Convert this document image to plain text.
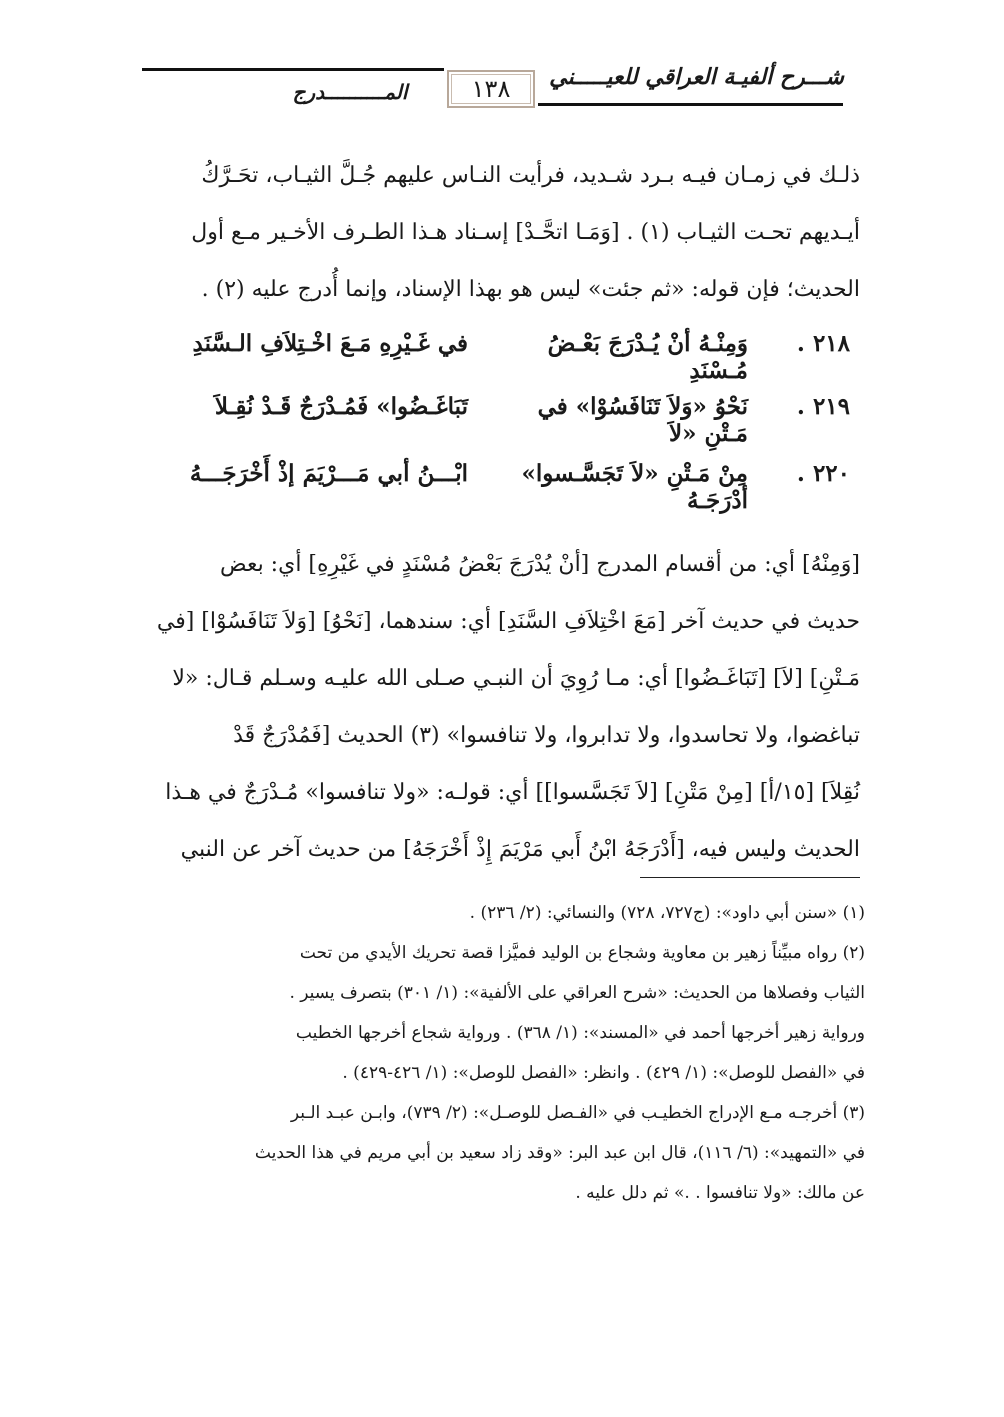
شـــرح ألفيـة العراقي للعيـــــني
١٣٨
المــــــــــدرج
ذلـك في زمـان فيـه بـرد شـديد، فرأيت النـاس عليهم جُـلَّ الثيـاب، تحَـرَّكُ
أيـديهم تحـت الثيـاب (١) . [وَمَـا اتحَّـدْ] إسـناد هـذا الطـرف الأخـير مـع أول
الحديث؛ فإن قوله: «ثم جئت» ليس هو بهذا الإسناد، وإنما أُدرج عليه (٢) .
٢١٨ .
وَمِنْـهُ أنْ يُـدْرَجَ بَعْـضُ مُـسْنَدِ
في غَـيْرِهِ مَـعَ اخْـتِلاَفِ الـسَّنَدِ
٢١٩ .
نَحْوُ «وَلاَ تَنَافَسُوْا» في مَـتْنِ «لاَ
تَبَاغَـضُوا» فَمُـدْرَجٌ قَـدْ نُقِـلاَ
٢٢٠ .
مِنْ مَـتْنِ «لاَ تَجَسَّـسوا» أدْرَجَـهُ
ابْـــنُ أبي مَـــرْيَمَ إذْ أَخْرَجَـــهُ
[وَمِنْهُ] أي: من أقسام المدرج [أنْ يُدْرَجَ بَعْضُ مُسْنَدٍ في غَيْرِهِ] أي: بعض
حديث في حديث آخر [مَعَ اخْتِلاَفِ السَّنَدِ] أي: سندهما، [نَحْوُ] [وَلاَ تَنَافَسُوْا] [في
مَـتْنِ] [لاَ] [تَبَاغَـضُوا] أي: مـا رُوِيَ أن النبـي صـلى الله عليـه وسـلم قـال: «لا
تباغضوا، ولا تحاسدوا، ولا تدابروا، ولا تنافسوا» (٣) الحديث [فَمُدْرَجٌ قَدْ
نُقِلاَ] [١٥/أ] [مِنْ مَتْنِ] [لاَ تَجَسَّسوا]] أي: قولـه: «ولا تنافسوا» مُـدْرَجٌ في هـذا
الحديث وليس فيه، [أَدْرَجَهُ ابْنُ أَبي مَرْيَمَ إِذْ أَخْرَجَهُ] من حديث آخر عن النبي
(١) «سنن أبي داود»: (ج٧٢٧، ٧٢٨) والنسائي: (٢/ ٢٣٦) .
(٢) رواه مبيِّناً زهير بن معاوية وشجاع بن الوليد فميَّزا قصة تحريك الأيدي من تحت
الثياب وفصلاها من الحديث: «شرح العراقي على الألفية»: (١/ ٣٠١) بتصرف يسير .
ورواية زهير أخرجها أحمد في «المسند»: (١/ ٣٦٨) . ورواية شجاع أخرجها الخطيب
في «الفصل للوصل»: (١/ ٤٢٩) . وانظر: «الفصل للوصل»: (١/ ٤٢٦-٤٢٩) .
(٣) أخرجـه مـع الإدراج الخطيـب في «الفـصل للوصـل»: (٢/ ٧٣٩)، وابـن عبـد الـبر
في «التمهيد»: (٦/ ١١٦)، قال ابن عبد البر: «وقد زاد سعيد بن أبي مريم في هذا الحديث
عن مالك: «ولا تنافسوا . .» ثم دلل عليه .
